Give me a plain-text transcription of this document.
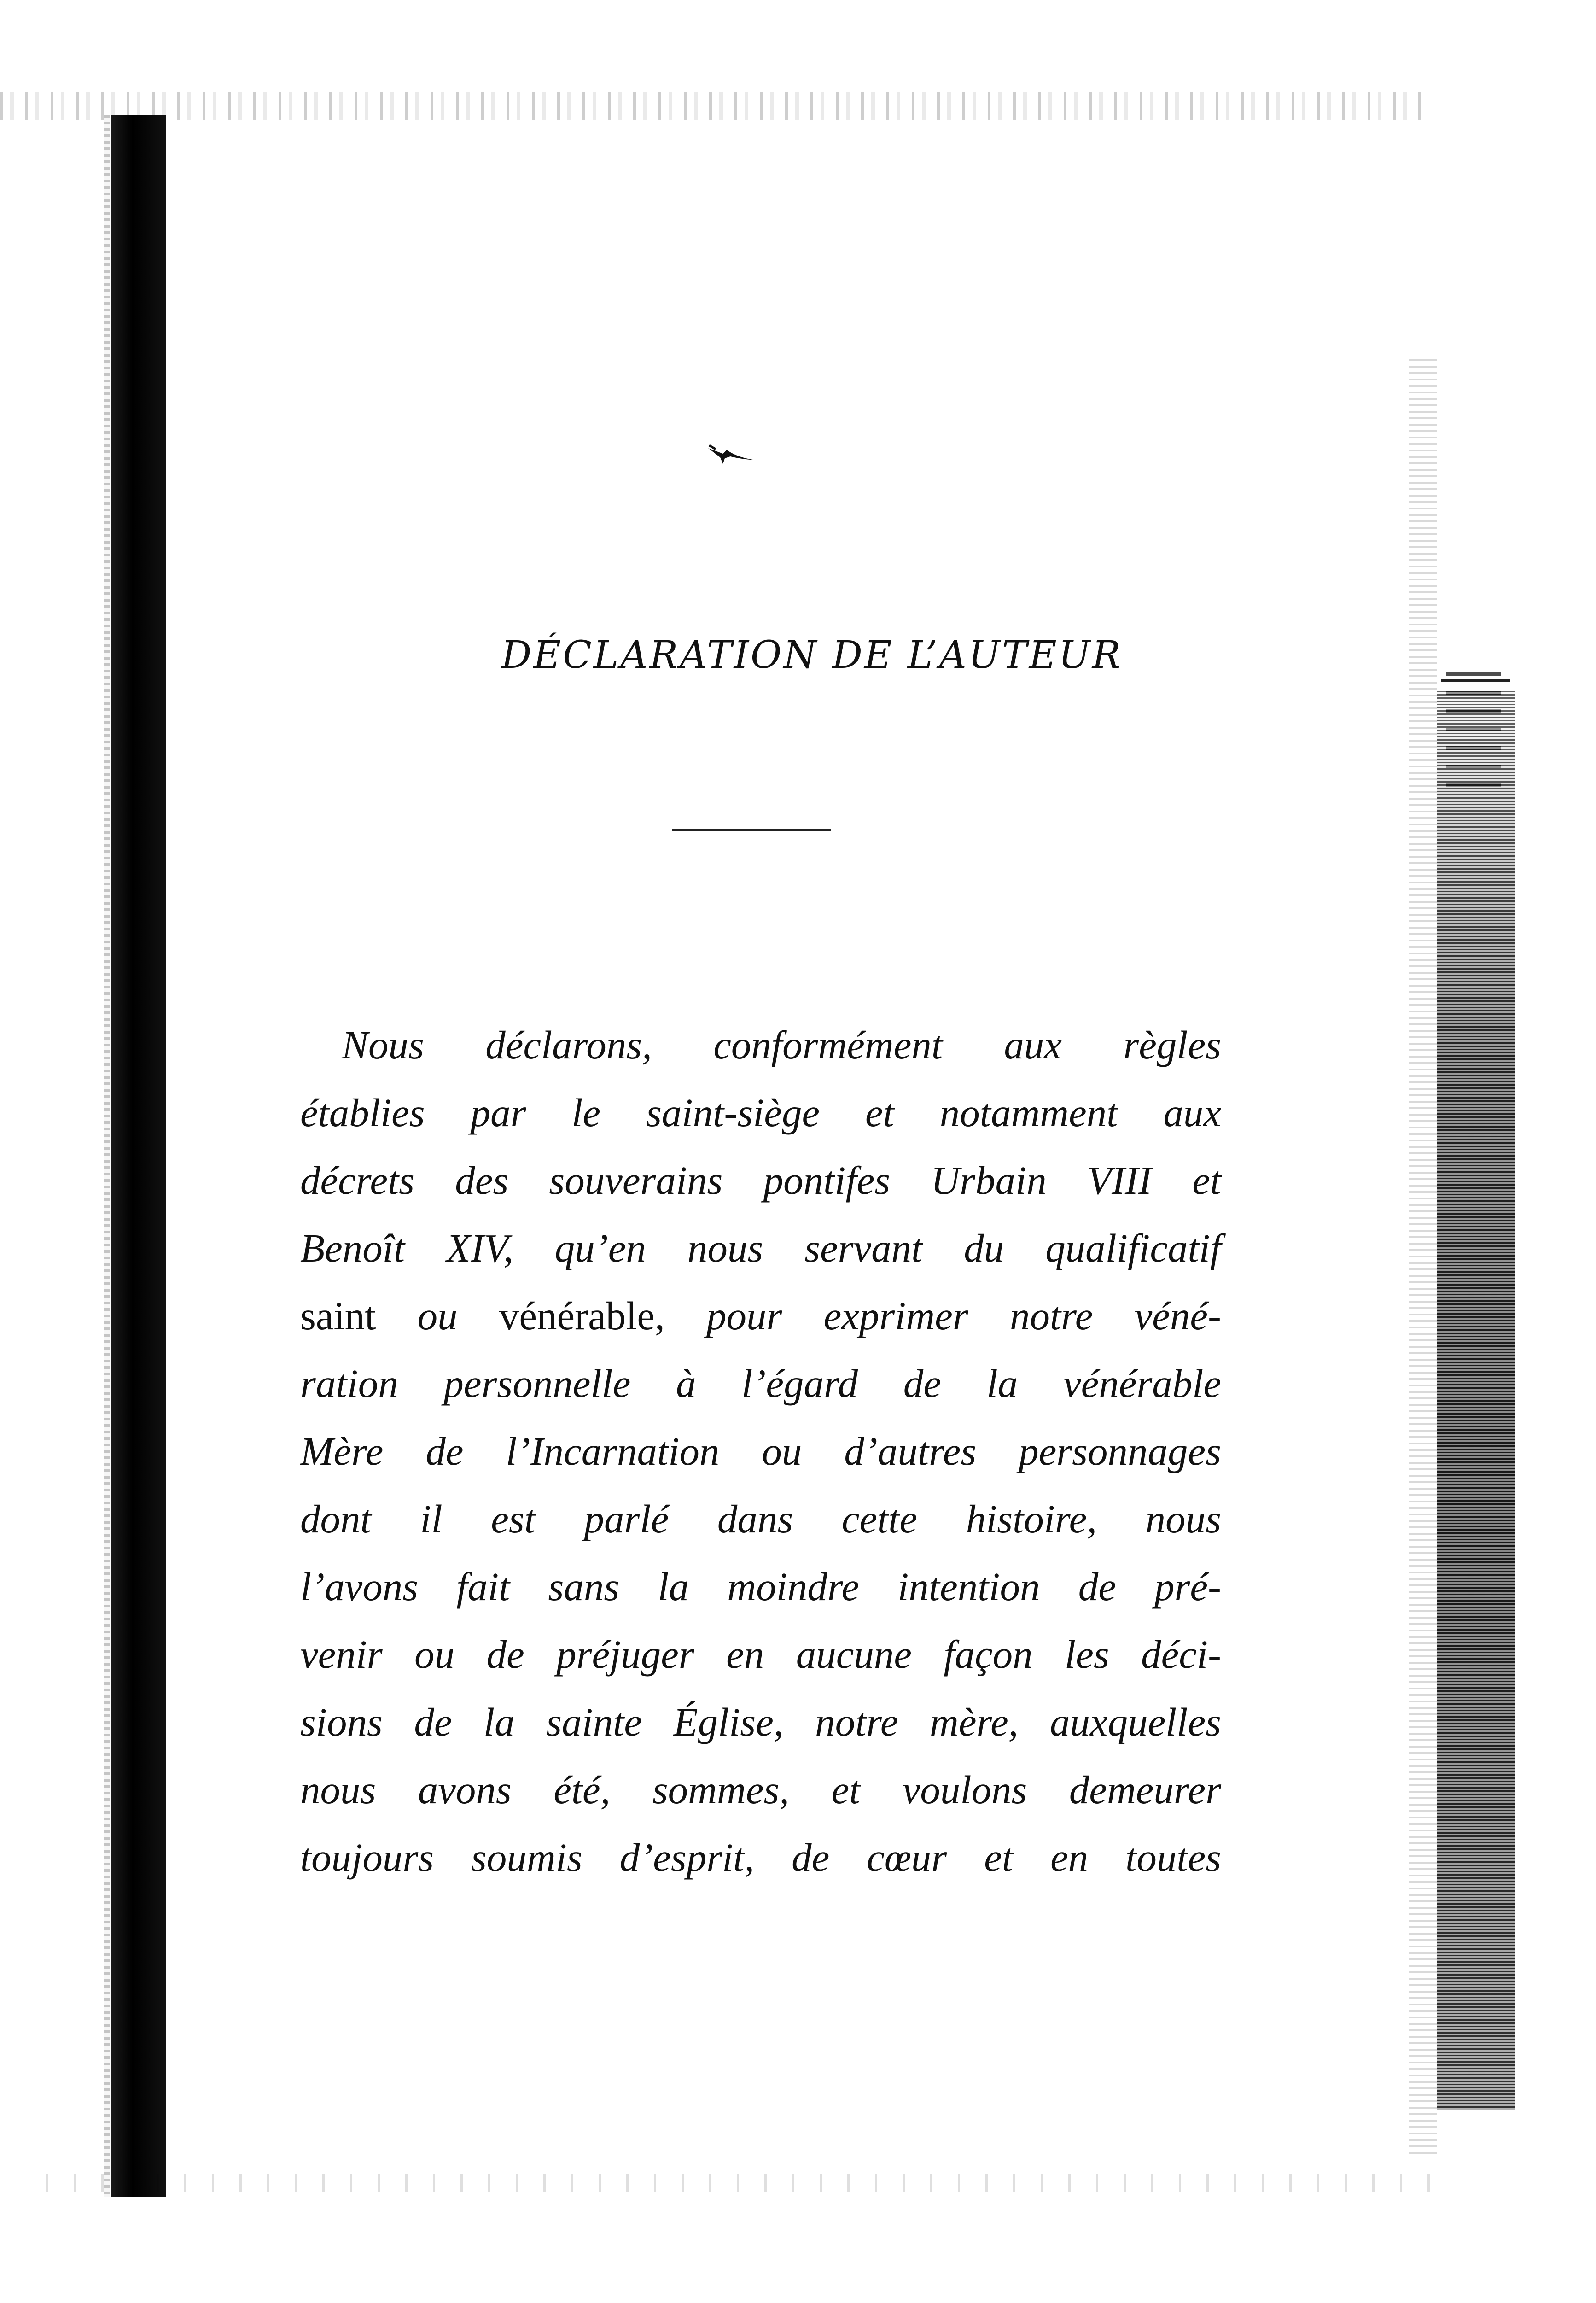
DÉCLARATION DE L’AUTEUR
Nous déclarons, conformément aux règles
établies par le saint-siège et notamment aux
décrets des souverains pontifes Urbain VIII et
Benoît XIV, qu’en nous servant du qualificatif
saint ou vénérable, pour exprimer notre véné-
ration personnelle à l’égard de la vénérable
Mère de l’Incarnation ou d’autres personnages
dont il est parlé dans cette histoire, nous
l’avons fait sans la moindre intention de pré-
venir ou de préjuger en aucune façon les déci-
sions de la sainte Église, notre mère, auxquelles
nous avons été, sommes, et voulons demeurer
toujours soumis d’esprit, de cœur et en toutes
